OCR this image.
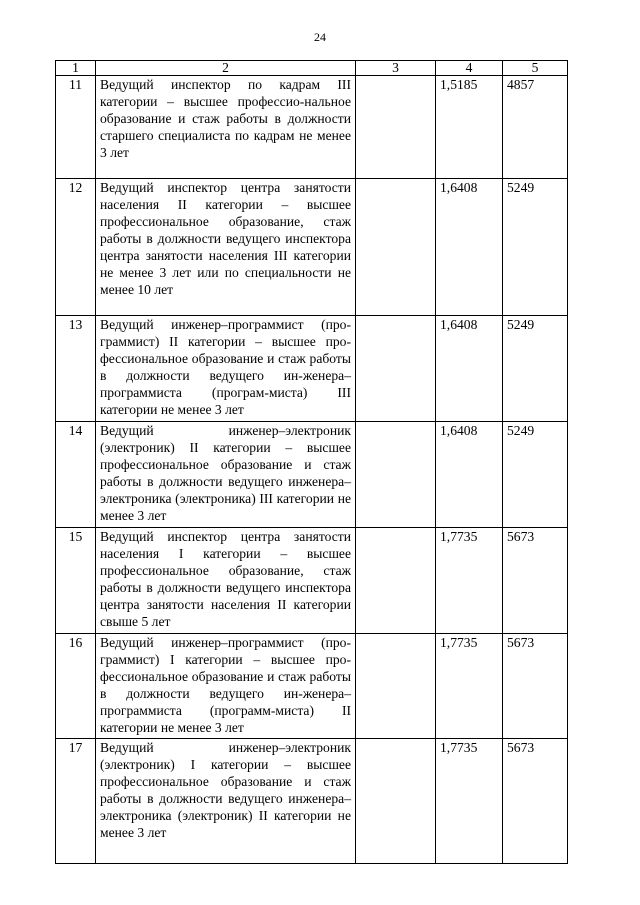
24
1	2	3	4	5
11	Ведущий инспектор по кадрам III категории – высшее профессио-нальное образование и стаж работы в должности старшего специалиста по кадрам не менее 3 лет		1,5185	4857
12	Ведущий инспектор центра занятости населения II категории – высшее профессиональное образование, стаж работы в должности ведущего инспектора центра занятости населения III категории не менее 3 лет или по специальности не менее 10 лет		1,6408	5249
13	Ведущий инженер–программист (про-граммист) II категории – высшее про-фессиональное образование и стаж работы в должности ведущего ин-женера–программиста (програм-миста) III категории не менее 3 лет		1,6408	5249
14	Ведущий инженер–электроник (электроник) II категории – высшее профессиональное образование и стаж работы в должности ведущего инженера–электроника (электроника) III категории не менее 3 лет		1,6408	5249
15	Ведущий инспектор центра занятости населения I категории – высшее профессиональное образование, стаж работы в должности ведущего инспектора центра занятости населения II категории свыше 5 лет		1,7735	5673
16	Ведущий инженер–программист (про-граммист) I категории – высшее про-фессиональное образование и стаж работы в должности ведущего ин-женера–программиста (программ-миста) II категории не менее 3 лет		1,7735	5673
17	Ведущий инженер–электроник (электроник) I категории – высшее профессиональное образование и стаж работы в должности ведущего инженера–электроника (электроник) II категории не менее 3 лет		1,7735	5673
